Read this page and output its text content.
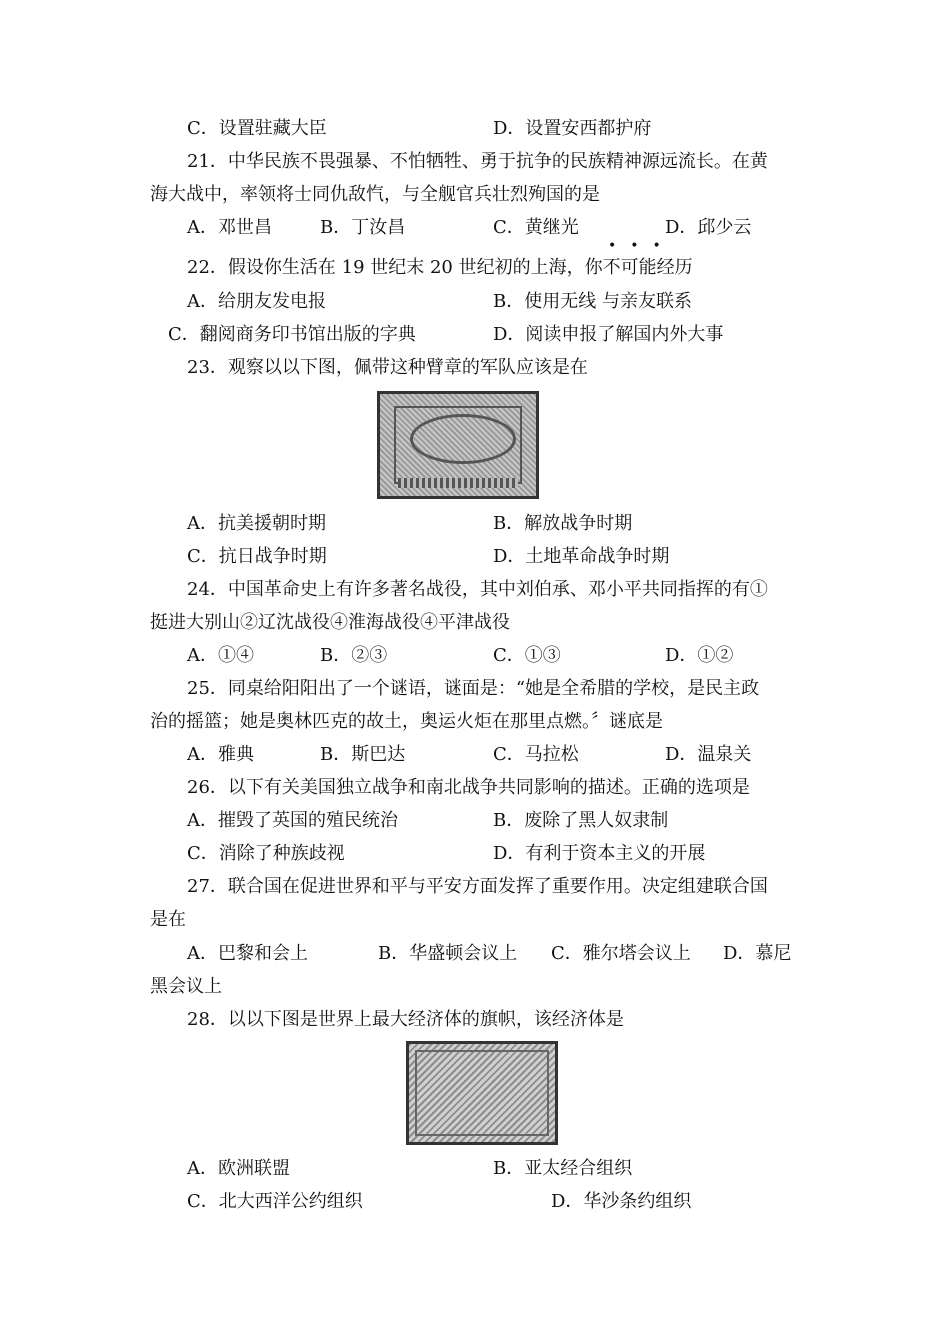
C．设置驻藏大臣	D．设置安西都护府
21．中华民族不畏强暴、不怕牺牲、勇于抗争的民族精神源远流长。在黄
海大战中，率领将士同仇敌忾，与全舰官兵壮烈殉国的是
A．邓世昌	B．丁汝昌	C．黄继光	D．邱少云
•••
22．假设你生活在 19 世纪末 20 世纪初的上海，你不可能经历
A．给朋友发电报	B．使用无线 与亲友联系
C．翻阅商务印书馆出版的字典	D．阅读申报了解国内外大事
23．观察以以下图，佩带这种臂章的军队应该是在
A．抗美援朝时期	B．解放战争时期
C．抗日战争时期	D．土地革命战争时期
24．中国革命史上有许多著名战役，其中刘伯承、邓小平共同指挥的有①
挺进大别山②辽沈战役④淮海战役④平津战役
A．①④	B．②③	C．①③	D．①②
25．同桌给阳阳出了一个谜语，谜面是：“她是全希腊的学校，是民主政
治的摇篮；她是奥林匹克的故土，奥运火炬在那里点燃。〞谜底是
A．雅典	B．斯巴达	C．马拉松	D．温泉关
26．以下有关美国独立战争和南北战争共同影响的描述。正确的选项是
A．摧毁了英国的殖民统治	B．废除了黑人奴隶制
C．消除了种族歧视	D．有利于资本主义的开展
27．联合国在促进世界和平与平安方面发挥了重要作用。决定组建联合国
是在
A．巴黎和会上	B．华盛顿会议上 C．雅尔塔会议上 D．慕尼
黑会议上
28．以以下图是世界上最大经济体的旗帜，该经济体是
A．欧洲联盟	B．亚太经合组织
C．北大西洋公约组织	D．华沙条约组织
